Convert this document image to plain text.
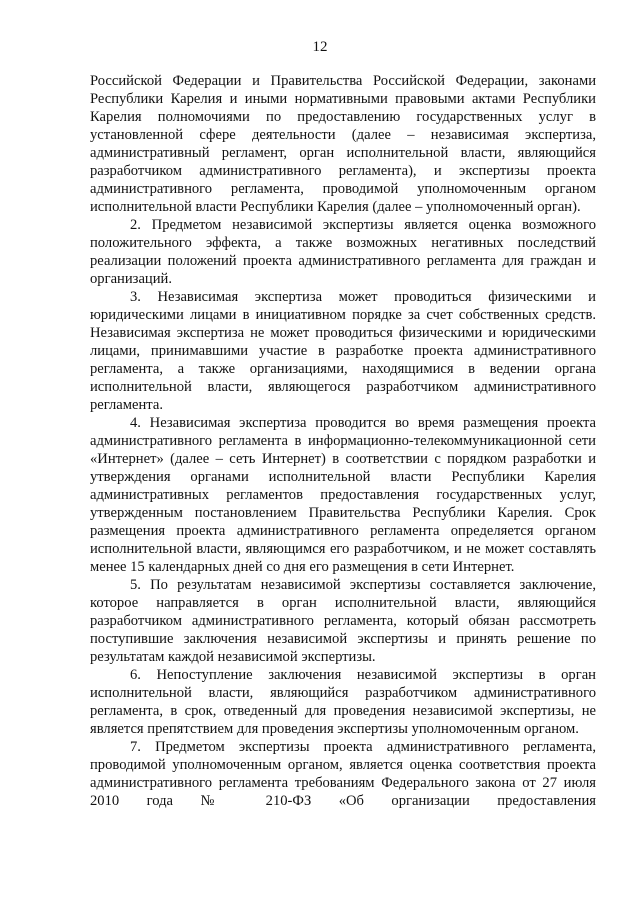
12

Российской Федерации и Правительства Российской Федерации, законами Республики Карелия и иными нормативными правовыми актами Республики Карелия полномочиями по предоставлению государственных услуг в установленной сфере деятельности (далее – независимая экспертиза, административный регламент, орган исполнительной власти, являющийся разработчиком административного регламента), и экспертизы проекта административного регламента, проводимой уполномоченным органом исполнительной власти Республики Карелия (далее – уполномоченный орган).

2. Предметом независимой экспертизы является оценка возможного положительного эффекта, а также возможных негативных последствий реализации положений проекта административного регламента для граждан и организаций.

3. Независимая экспертиза может проводиться физическими и юридическими лицами в инициативном порядке за счет собственных средств. Независимая экспертиза не может проводиться физическими и юридическими лицами, принимавшими участие в разработке проекта административного регламента, а также организациями, находящимися в ведении органа исполнительной власти, являющегося разработчиком административного регламента.

4. Независимая экспертиза проводится во время размещения проекта административного регламента в информационно-телекоммуникационной сети «Интернет» (далее – сеть Интернет) в соответствии с порядком разработки и утверждения органами исполнительной власти Республики Карелия административных регламентов предоставления государственных услуг, утвержденным постановлением Правительства Республики Карелия. Срок размещения проекта административного регламента определяется органом исполнительной власти, являющимся его разработчиком, и не может составлять менее 15 календарных дней со дня его размещения в сети Интернет.

5. По результатам независимой экспертизы составляется заключение, которое направляется в орган исполнительной власти, являющийся разработчиком административного регламента, который обязан рассмотреть поступившие заключения независимой экспертизы и принять решение по результатам каждой независимой экспертизы.

6. Непоступление заключения независимой экспертизы в орган исполнительной власти, являющийся разработчиком административного регламента, в срок, отведенный для проведения независимой экспертизы, не является препятствием для проведения экспертизы уполномоченным органом.

7. Предметом экспертизы проекта административного регламента, проводимой уполномоченным органом, является оценка соответствия проекта административного регламента требованиям Федерального закона от 27 июля 2010 года № 210-ФЗ «Об организации предоставления
